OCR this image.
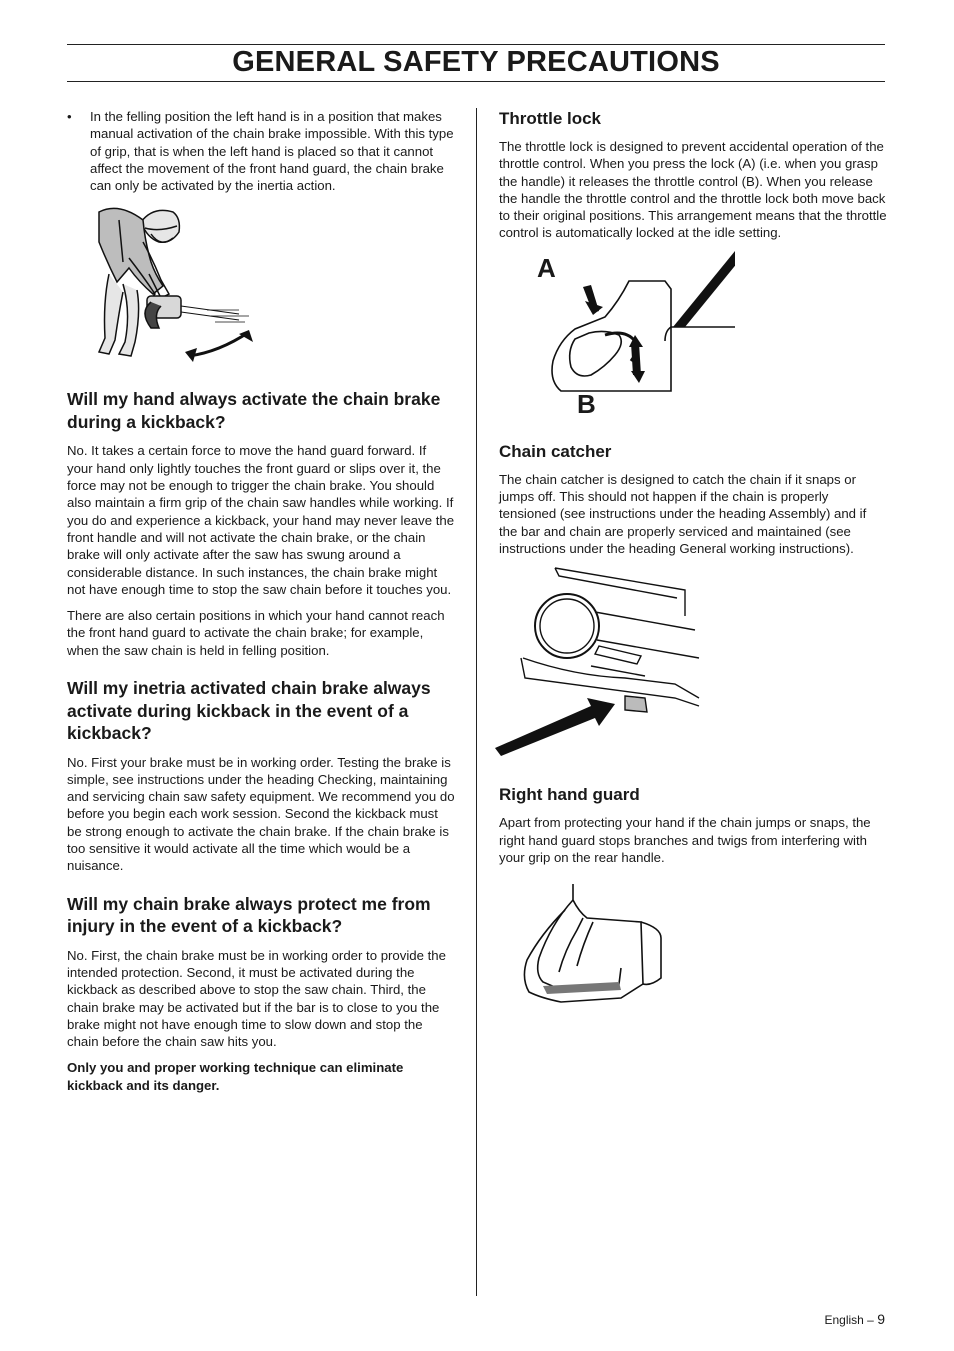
GENERAL SAFETY PRECAUTIONS
•	In the felling position the left hand is in a position that makes manual activation of the chain brake impossible. With this type of grip, that is when the left hand is placed so that it cannot affect the movement of the front hand guard, the chain brake can only be activated by the inertia action.
Will my hand always activate the chain brake during a kickback?

No. It takes a certain force to move the hand guard forward. If your hand only lightly touches the front guard or slips over it, the force may not be enough to trigger the chain brake. You should also maintain a firm grip of the chain saw handles while working. If you do and experience a kickback, your hand may never leave the front handle and will not activate the chain brake, or the chain brake will only activate after the saw has swung around a considerable distance. In such instances, the chain brake might not have enough time to stop the saw chain before it touches you.

There are also certain positions in which your hand cannot reach the front hand guard to activate the chain brake; for example, when the saw chain is held in felling position.

Will my inetria activated chain brake always activate during kickback in the event of a kickback?

No. First your brake must be in working order. Testing the brake is simple, see instructions under the heading Checking, maintaining and servicing chain saw safety equipment. We recommend you do before you begin each work session. Second the kickback must be strong enough to activate the chain brake. If the chain brake is too sensitive it would activate all the time which would be a nuisance.

Will my chain brake always protect me from injury in the event of a kickback?

No. First, the chain brake must be in working order to provide the intended protection. Second, it must be activated during the kickback as described above to stop the saw chain. Third, the chain brake may be activated but if the bar is to close to you the brake might not have enough time to slow down and stop the chain before the chain saw hits you.

Only you and proper working technique can eliminate kickback and its danger.

Throttle lock

The throttle lock is designed to prevent accidental operation of the throttle control. When you press the lock (A) (i.e. when you grasp the handle) it releases the throttle control (B). When you release the handle the throttle control and the throttle lock both move back to their original positions. This arrangement means that the throttle control is automatically locked at the idle setting.

A
B
Chain catcher

The chain catcher is designed to catch the chain if it snaps or jumps off. This should not happen if the chain is properly tensioned (see instructions under the heading Assembly) and if the bar and chain are properly serviced and maintained (see instructions under the heading General working instructions).

Right hand guard

Apart from protecting your hand if the chain jumps or snaps, the right hand guard stops branches and twigs from interfering with your grip on the rear handle.

English – 9
